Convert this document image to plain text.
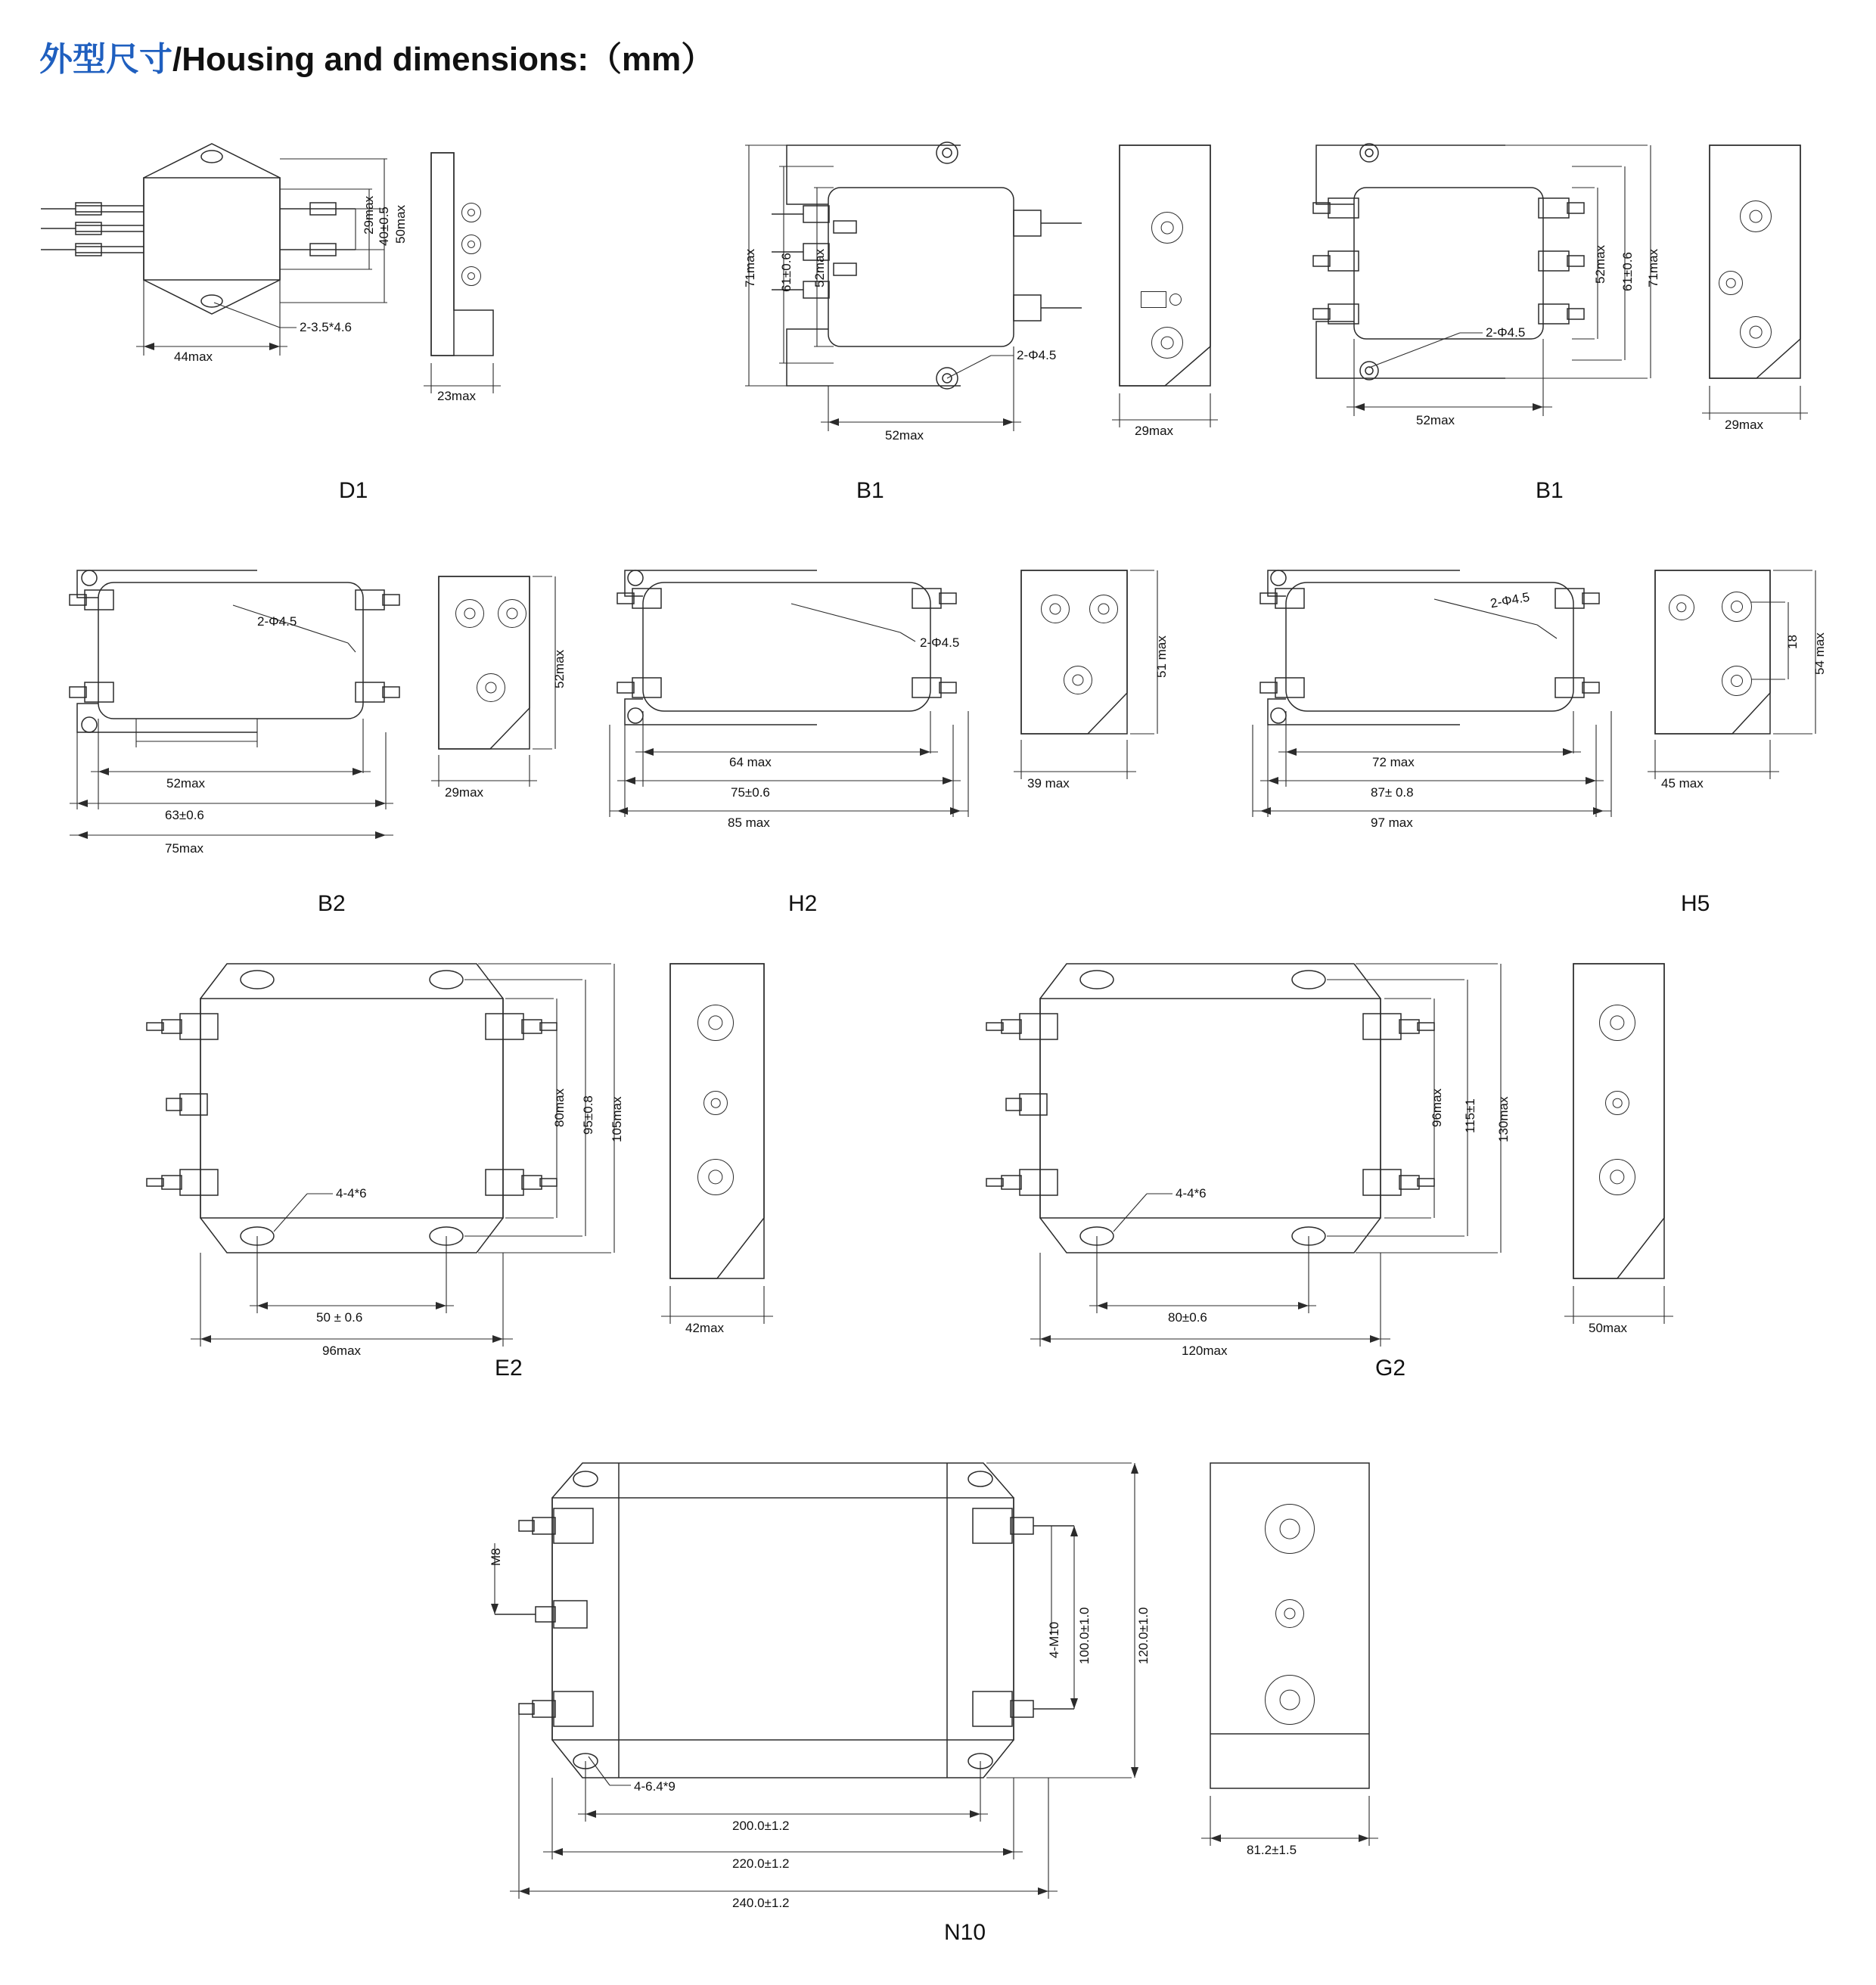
外型尺寸/Housing and dimensions:（mm）
29max 40±0.5 50max
44max
2-3.5*4.6
23max
D1
71max 61±0.6 52max
52max
2-Φ4.5
29max
B1
52max 61±0.6 71max
52max
2-Φ4.5
29max
B1
2-Φ4.5
52max
63±0.6
75max
52max
29max
B2
2-Φ4.5
64 max
75±0.6
85 max
51 max
39 max
H2
2-Φ4.5
72 max
87± 0.8
97 max
18 54 max
45 max
H5
80max 95±0.8 105max
4-4*6
50 ± 0.6
96max
42max
E2
96max 115±1 130max
4-4*6
80±0.6
120max
50max
G2
M8
4-M10 100.0±1.0	120.0±1.0
4-6.4*9
200.0±1.2
220.0±1.2
240.0±1.2
81.2±1.5
N10
